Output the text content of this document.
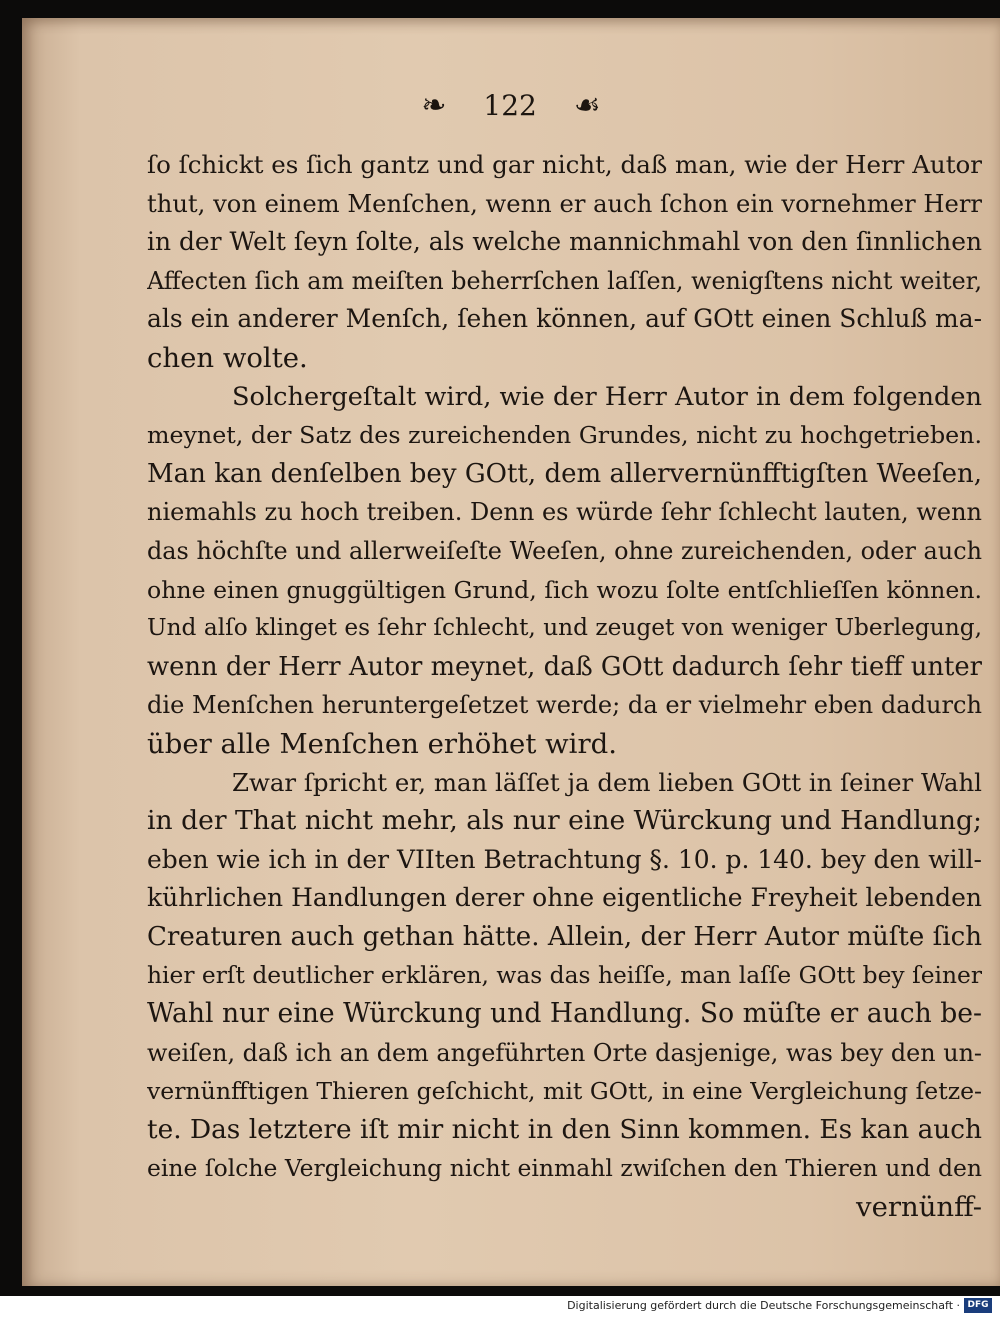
❧ 122 ☙
ſo ſchickt es ſich gantz und gar nicht, daß man, wie der Herr Autor
thut, von einem Menſchen, wenn er auch ſchon ein vornehmer Herr
in der Welt ſeyn ſolte, als welche mannichmahl von den ſinnlichen
Affecten ſich am meiſten beherrſchen laſſen, wenigſtens nicht weiter,
als ein anderer Menſch, ſehen können, auf GOtt einen Schluß ma-
chen wolte.
Solchergeſtalt wird, wie der Herr Autor in dem folgenden
meynet, der Satz des zureichenden Grundes, nicht zu hochgetrieben.
Man kan denſelben bey GOtt, dem allervernünfftigſten Weeſen,
niemahls zu hoch treiben. Denn es würde ſehr ſchlecht lauten, wenn
das höchſte und allerweiſeſte Weeſen, ohne zureichenden, oder auch
ohne einen gnuggültigen Grund, ſich wozu ſolte entſchlieſſen können.
Und alſo klinget es ſehr ſchlecht, und zeuget von weniger Uberlegung,
wenn der Herr Autor meynet, daß GOtt dadurch ſehr tieff unter
die Menſchen heruntergeſetzet werde; da er vielmehr eben dadurch
über alle Menſchen erhöhet wird.
Zwar ſpricht er, man läſſet ja dem lieben GOtt in ſeiner Wahl
in der That nicht mehr, als nur eine Würckung und Handlung;
eben wie ich in der VIIten Betrachtung §. 10. p. 140. bey den will-
kührlichen Handlungen derer ohne eigentliche Freyheit lebenden
Creaturen auch gethan hätte. Allein, der Herr Autor müſte ſich
hier erſt deutlicher erklären, was das heiſſe, man laſſe GOtt bey ſeiner
Wahl nur eine Würckung und Handlung. So müſte er auch be-
weiſen, daß ich an dem angeführten Orte dasjenige, was bey den un-
vernünfftigen Thieren geſchicht, mit GOtt, in eine Vergleichung ſetze-
te. Das letztere iſt mir nicht in den Sinn kommen. Es kan auch
eine ſolche Vergleichung nicht einmahl zwiſchen den Thieren und den
vernünff-
Digitalisierung gefördert durch die Deutsche Forschungsgemeinschaft · DFG
